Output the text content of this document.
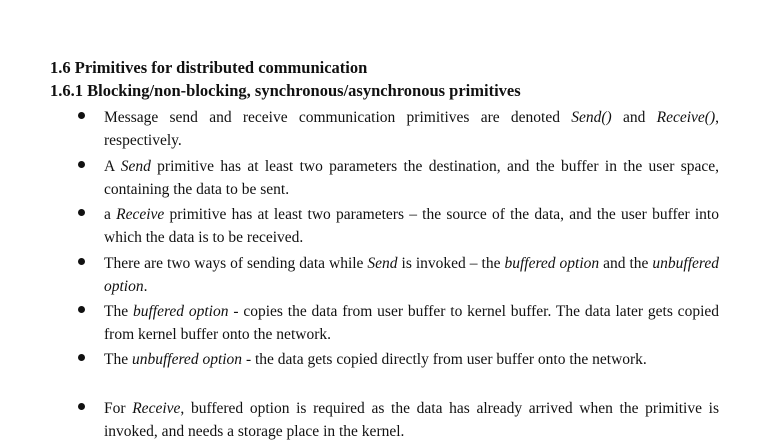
1.6 Primitives for distributed communication
1.6.1 Blocking/non-blocking, synchronous/asynchronous primitives
Message send and receive communication primitives are denoted Send() and Receive(), respectively.
A Send primitive has at least two parameters the destination, and the buffer in the user space, containing the data to be sent.
a Receive primitive has at least two parameters – the source of the data, and the user buffer into which the data is to be received.
There are two ways of sending data while Send is invoked – the buffered option and the unbuffered option.
The buffered option - copies the data from user buffer to kernel buffer. The data later gets copied from kernel buffer onto the network.
The unbuffered option - the data gets copied directly from user buffer onto the network.
For Receive, buffered option is required as the data has already arrived when the primitive is invoked, and needs a storage place in the kernel.
